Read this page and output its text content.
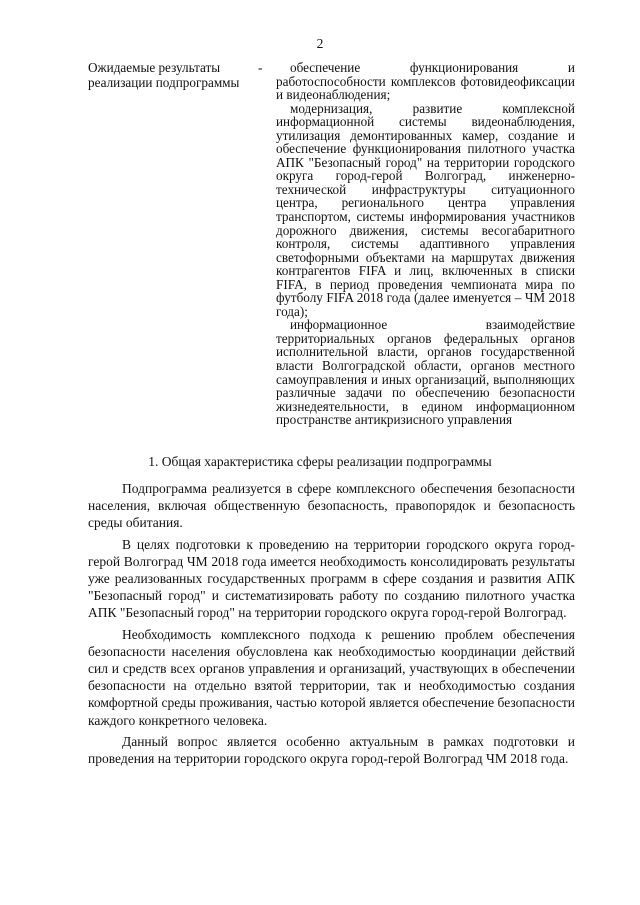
2
Ожидаемые результаты реализации подпрограммы
-	обеспечение функционирования и работоспособности комплексов фотовидеофиксации и видеонаблюдения;

модернизация, развитие комплексной информационной системы видеонаблюдения, утилизация демонтированных камер, создание и обеспечение функционирования пилотного участка АПК "Безопасный город" на территории городского округа город-герой Волгоград, инженерно-технической инфраструктуры ситуационного центра, регионального центра управления транспортом, системы информирования участников дорожного движения, системы весогабаритного контроля, системы адаптивного управления светофорными объектами на маршрутах движения контрагентов FIFA и лиц, включенных в списки FIFA, в период проведения чемпионата мира по футболу FIFA 2018 года (далее именуется – ЧМ 2018 года);

информационное взаимодействие территориальных органов федеральных органов исполнительной власти, органов государственной власти Волгоградской области, органов местного самоуправления и иных организаций, выполняющих различные задачи по обеспечению безопасности жизнедеятельности, в едином информационном пространстве антикризисного управления

1. Общая характеристика сферы реализации подпрограммы

Подпрограмма реализуется в сфере комплексного обеспечения безопасности населения, включая общественную безопасность, правопорядок и безопасность среды обитания.

В целях подготовки к проведению на территории городского округа город-герой Волгоград ЧМ 2018 года имеется необходимость консолидировать результаты уже реализованных государственных программ в сфере создания и развития АПК "Безопасный город" и систематизировать работу по созданию пилотного участка АПК "Безопасный город" на территории городского округа город-герой Волгоград.

Необходимость комплексного подхода к решению проблем обеспечения безопасности населения обусловлена как необходимостью координации действий сил и средств всех органов управления и организаций, участвующих в обеспечении безопасности на отдельно взятой территории, так и необходимостью создания комфортной среды проживания, частью которой является обеспечение безопасности каждого конкретного человека.

Данный вопрос является особенно актуальным в рамках подготовки и проведения на территории городского округа город-герой Волгоград ЧМ 2018 года.
